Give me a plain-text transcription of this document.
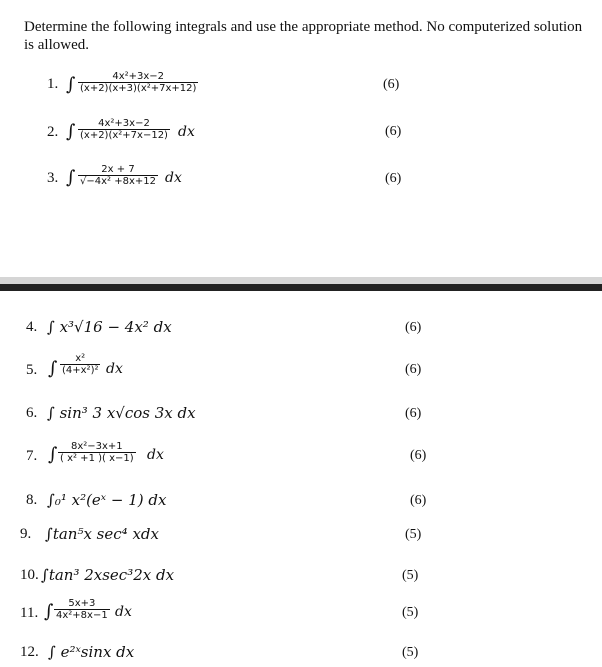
Determine the following integrals and use the appropriate method. No computerized solution is allowed.
1. ∫ $\frac{\text{4x²+3x−2}}{\text{(x+2)(x+3)(x²+7x+12)}}$	(6)
2. ∫ $\frac{\text{4x²+3x−2}}{\text{(x+2)(x²+7x−12)}}$ dx	(6)
3. ∫ $\frac{2x + 7}{\text{√−4x² +8x+12}}$ dx	(6)
4. ∫ x³√16 − 4x² dx	(6)
5. ∫ $\frac{\text{x²}}{\text{(4+x²)²}}$ dx	(6)
6. ∫ sin³ 3 x√cos 3x dx	(6)
7. ∫ $\frac{\text{8x²−3x+1}}{\text{( x² +1 )( x−1)}}$ dx	(6)
8. ∫₀¹ x²(eˣ − 1) dx	(6)
9. ∫tan⁵x sec⁴ xdx	(5)
10. ∫tan³ 2xsec³2x dx	(5)
11. ∫ $\frac{5x+3}{\text{4x²+8x−1}}$ dx	(5)
12. ∫ e²ˣsinx dx	(5)
